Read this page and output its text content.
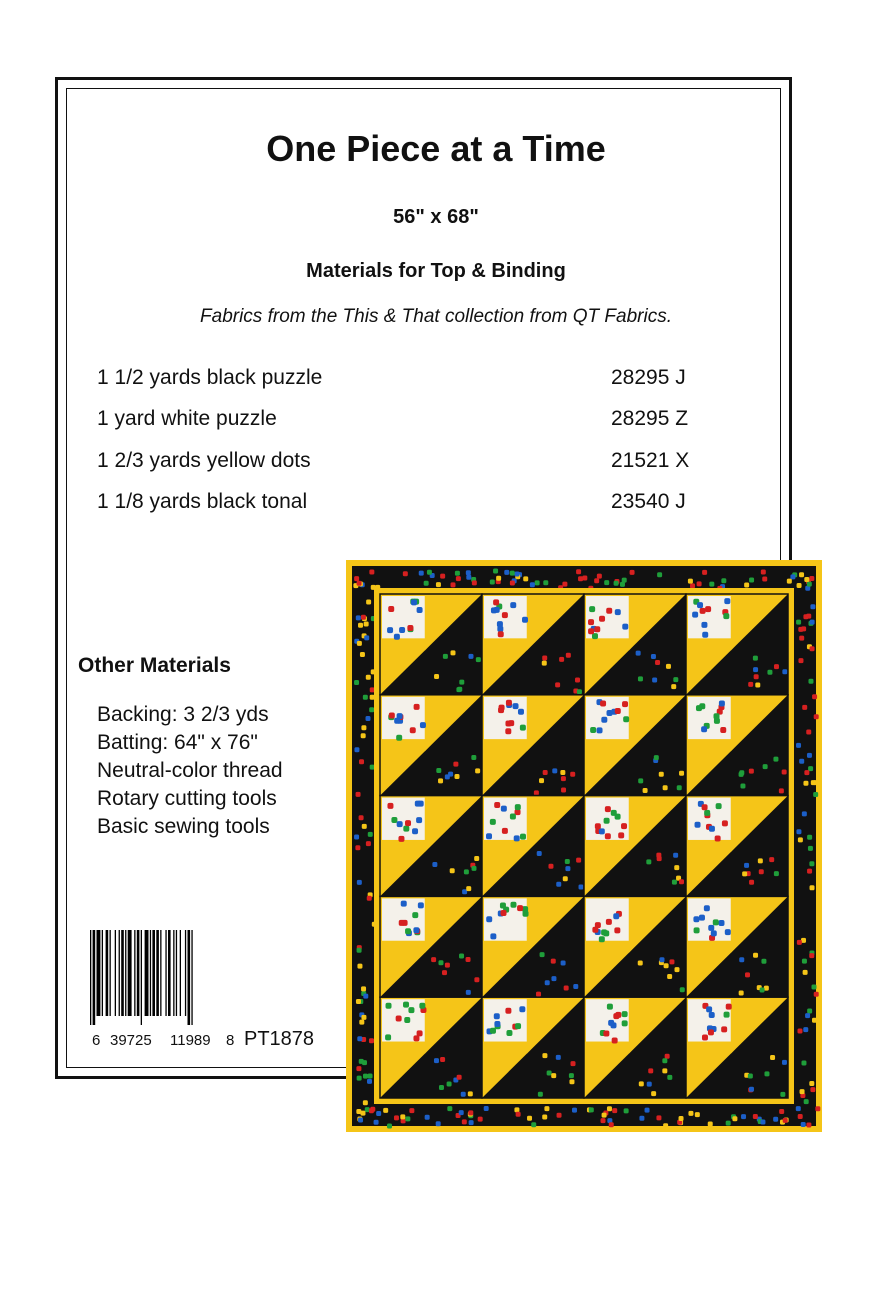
One Piece at a Time
56" x 68"
Materials for Top & Binding
Fabrics from the This & That collection from QT Fabrics.
1 1/2 yards black puzzle	28295 J
1 yard white puzzle	28295 Z
1 2/3 yards yellow dots	21521 X
1 1/8 yards black tonal	23540 J
Other Materials
Backing: 3 2/3 yds
Batting: 64" x 76"
Neutral-color thread
Rotary cutting tools
Basic sewing tools
6 39725 11989 8 PT1878
